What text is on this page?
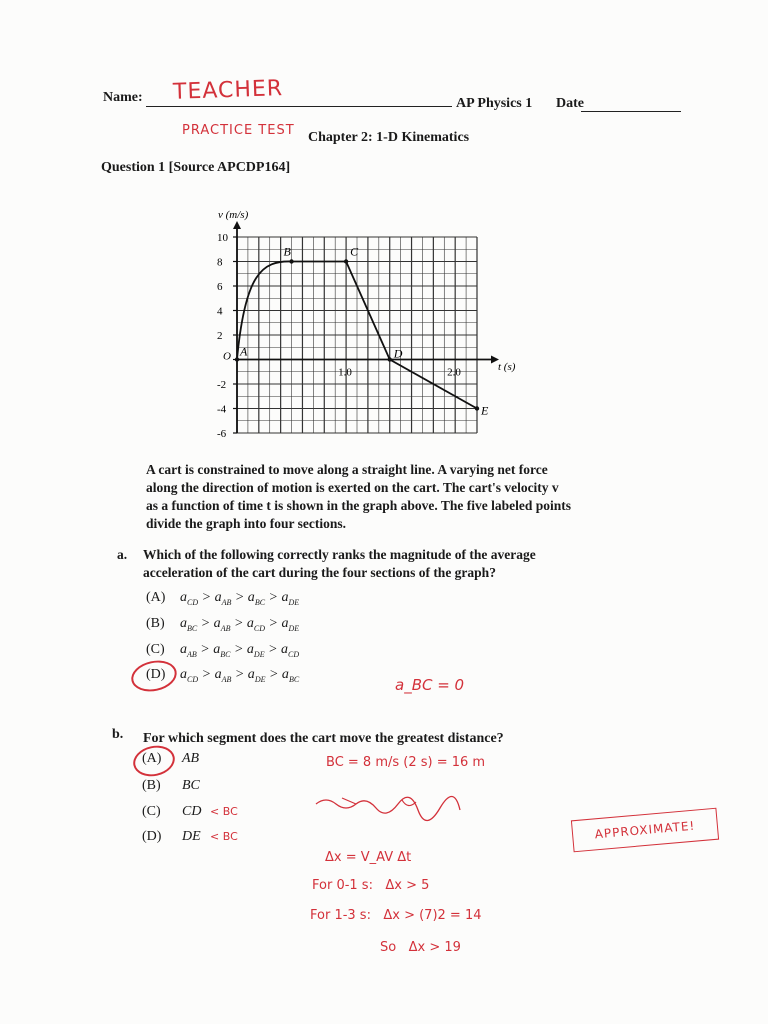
Name: TEACHER	AP Physics 1 Date
PRACTICE TEST Chapter 2: 1-D Kinematics
Question 1 [Source APCDP164]
10
8
6
4
2
O
-2
-4
-6
1.0	2.0
A
B	C
D
E
v (m/s)
t (s)
A cart is constrained to move along a straight line. A varying net force
along the direction of motion is exerted on the cart. The cart's velocity v
as a function of time t is shown in the graph above. The five labeled points
divide the graph into four sections.
a. Which of the following correctly ranks the magnitude of the average
acceleration of the cart during the four sections of the graph?
(A) $a_{CD} > a_{AB} > a_{BC} > a_{DE}$
(B) $a_{BC} > a_{AB} > a_{CD} > a_{DE}$
(C) $a_{AB} > a_{BC} > a_{DE} > a_{CD}$
(D) $a_{CD} > a_{AB} > a_{DE} > a_{BC}$	a_BC = 0
b. For which segment does the cart move the greatest distance?
(A) AB
(B) BC
(C) CD < BC
(D) DE < BC
BC = 8 m/s (2 s) = 16 m
Δx = V_AV Δt
For 0-1 s:   Δx > 5
For 1-3 s:   Δx > (7)2 = 14
So   Δx > 19
APPROXIMATE!
